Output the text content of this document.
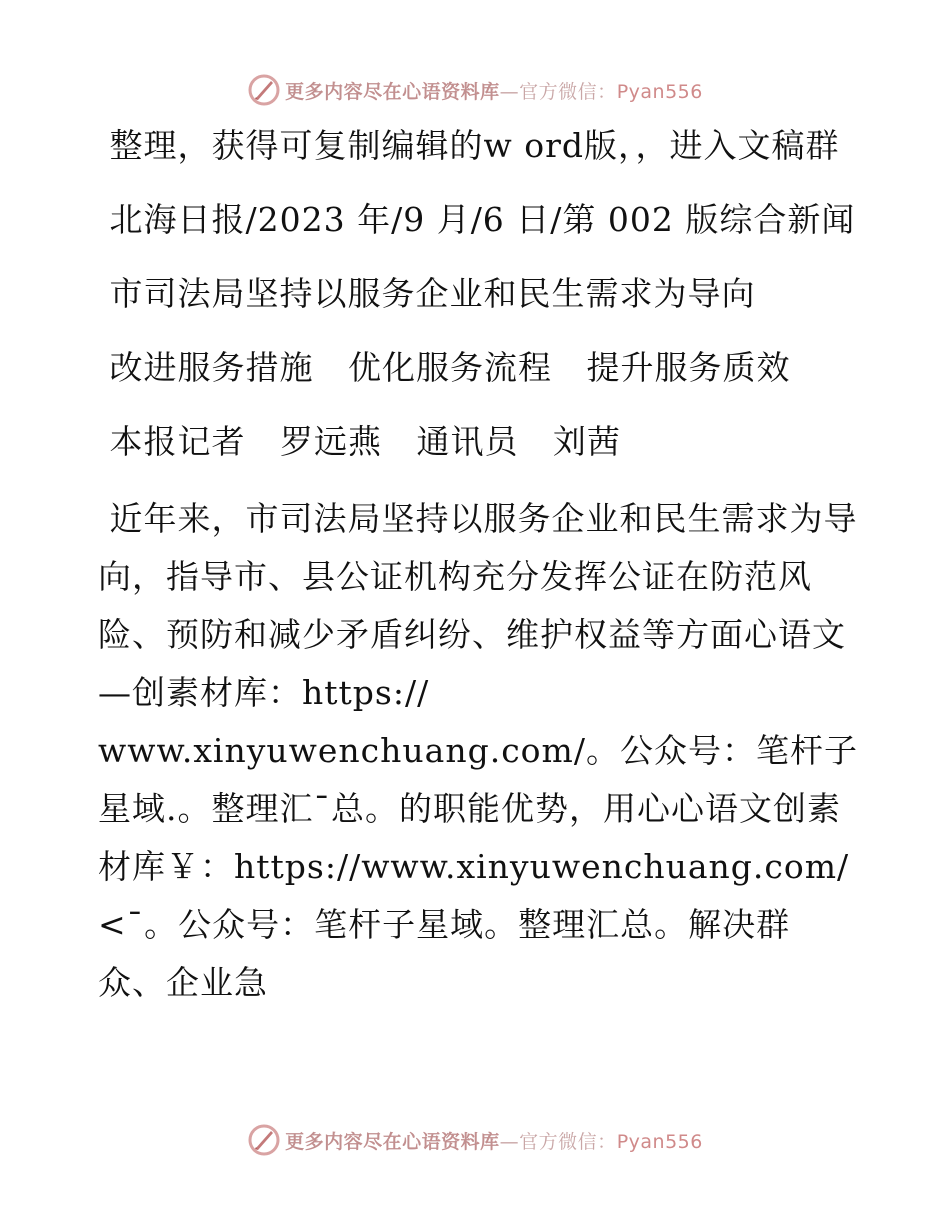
更多内容尽在心语资料库—官方微信：Pyan556

整理，获得可复制编辑的w ord版，，进入文稿群

北海日报/2023 年/9 月/6 日/第 002 版综合新闻

市司法局坚持以服务企业和民生需求为导向

改进服务措施   优化服务流程   提升服务质效

本报记者   罗远燕   通讯员   刘茜

近年来，市司法局坚持以服务企业和民生需求为导向，指导市、县公证机构充分发挥公证在防范风险、预防和减少矛盾纠纷、维护权益等方面心语文—创素材库：https://
www.xinyuwenchuang.com/。公众号：笔杆子星域.。整理汇¯总。的职能优势，用心心语文创素材库￥：https://www.xinyuwenchuang.com/<¯。公众号：笔杆子星域。整理汇总。解决群众、企业急

更多内容尽在心语资料库—官方微信：Pyan556
